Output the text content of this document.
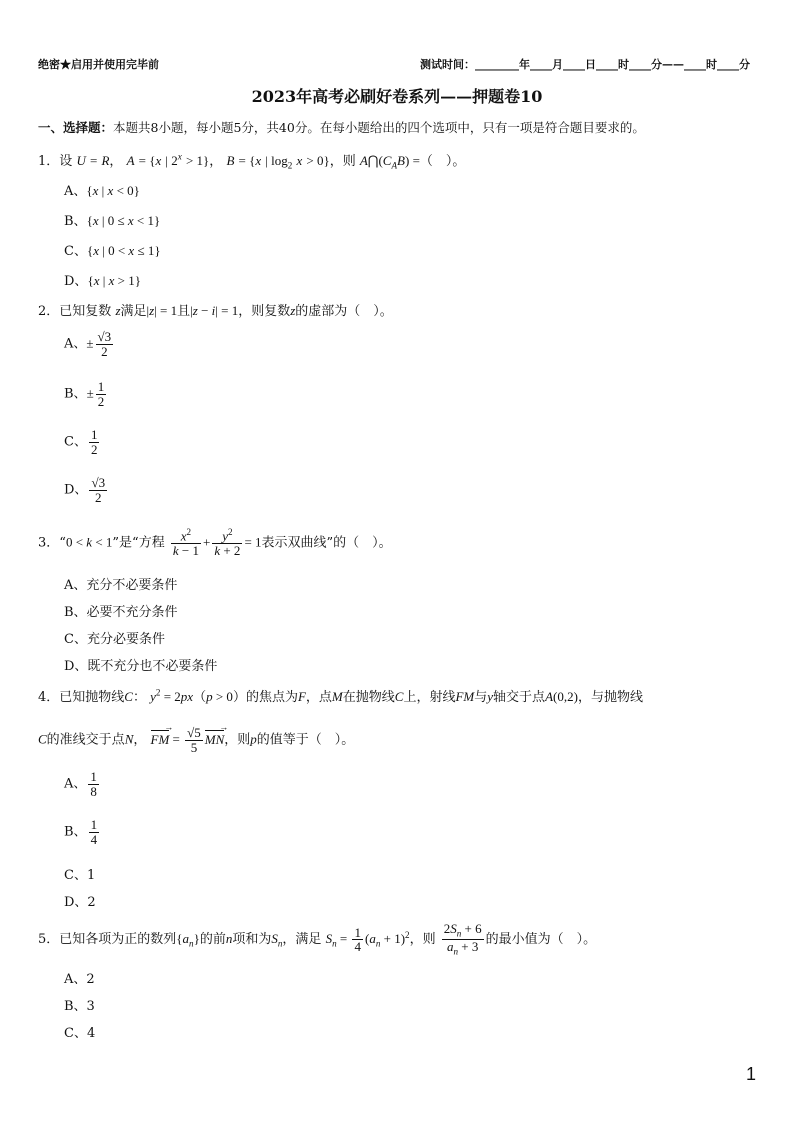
绝密★启用并使用完毕前	测试时间：________年____月____日____时____分——____时____分
2023年高考必刷好卷系列——押题卷10
一、选择题：本题共8小题，每小题5分，共40分。在每小题给出的四个选项中，只有一项是符合题目要求的。
1．设 U = R， A = {x | $2^x > 1$}， B = {x | $\log_2 x > 0$}，则 $A⋂(C_AB)$ =（　）。
A、{x | x < 0}
B、{x | 0 ≤ x < 1}
C、{x | 0 < x ≤ 1}
D、{x | x > 1}
2．已知复数 z满足|z| = 1且|z − i| = 1，则复数z的虚部为（　）。
A、± $\frac{√3}{2}$
B、± $\frac{1}{2}$
C、 $\frac{1}{2}$
D、 $\frac{√3}{2}$
3．“0 < k < 1”是“方程 $\frac{x^2}{k - 1} + \frac{y^2}{k + 2} = 1$表示双曲线”的（　）。
A、充分不必要条件
B、必要不充分条件
C、充分必要条件
D、既不充分也不必要条件
4．已知抛物线C： $y^2 = 2px(p > 0)$的焦点为F，点M在抛物线C上，射线FM与y轴交于点A(0,2)，与抛物线
C的准线交于点N， FM → = $\frac{√5}{5}$ MN →，则p的值等于（　）。
A、 $\frac{1}{8}$
B、 $\frac{1}{4}$
C、1
D、2
5．已知各项为正的数列$\{a_n\}$的前n项和为$S_n$，满足 $S_n = \frac{1}{4} (a_n + 1)^2$，则 $\frac{2S_n + 6}{a_n + 3}$ 的最小值为（　）。
A、2
B、3
C、4
1
